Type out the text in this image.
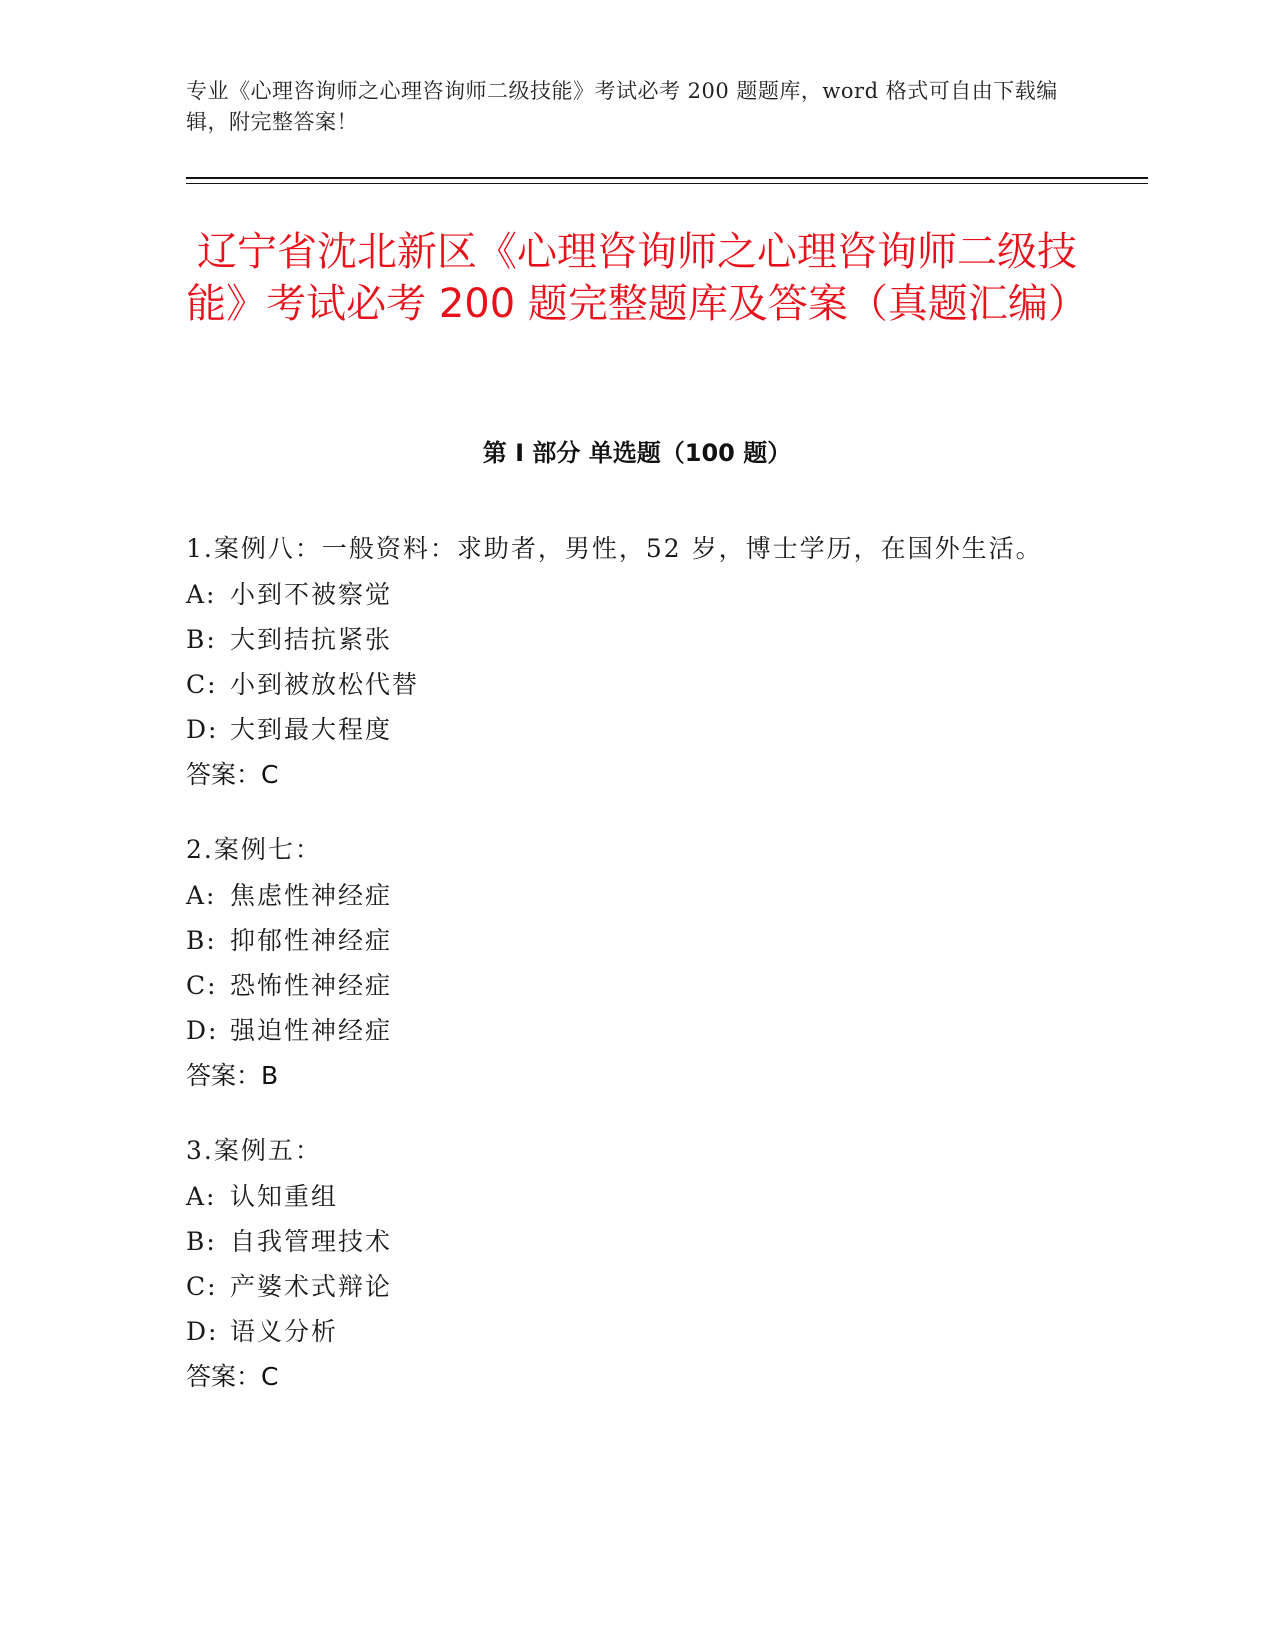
专业《心理咨询师之心理咨询师二级技能》考试必考 200 题题库，word 格式可自由下载编辑，附完整答案！
辽宁省沈北新区《心理咨询师之心理咨询师二级技能》考试必考 200 题完整题库及答案（真题汇编）
第 I 部分 单选题（100 题）
1.案例八：一般资料：求助者，男性，52 岁，博士学历，在国外生活。
A: 小到不被察觉
B: 大到拮抗紧张
C: 小到被放松代替
D: 大到最大程度
答案：C
2.案例七：
A: 焦虑性神经症
B: 抑郁性神经症
C: 恐怖性神经症
D: 强迫性神经症
答案：B
3.案例五：
A: 认知重组
B: 自我管理技术
C: 产婆术式辩论
D: 语义分析
答案：C
